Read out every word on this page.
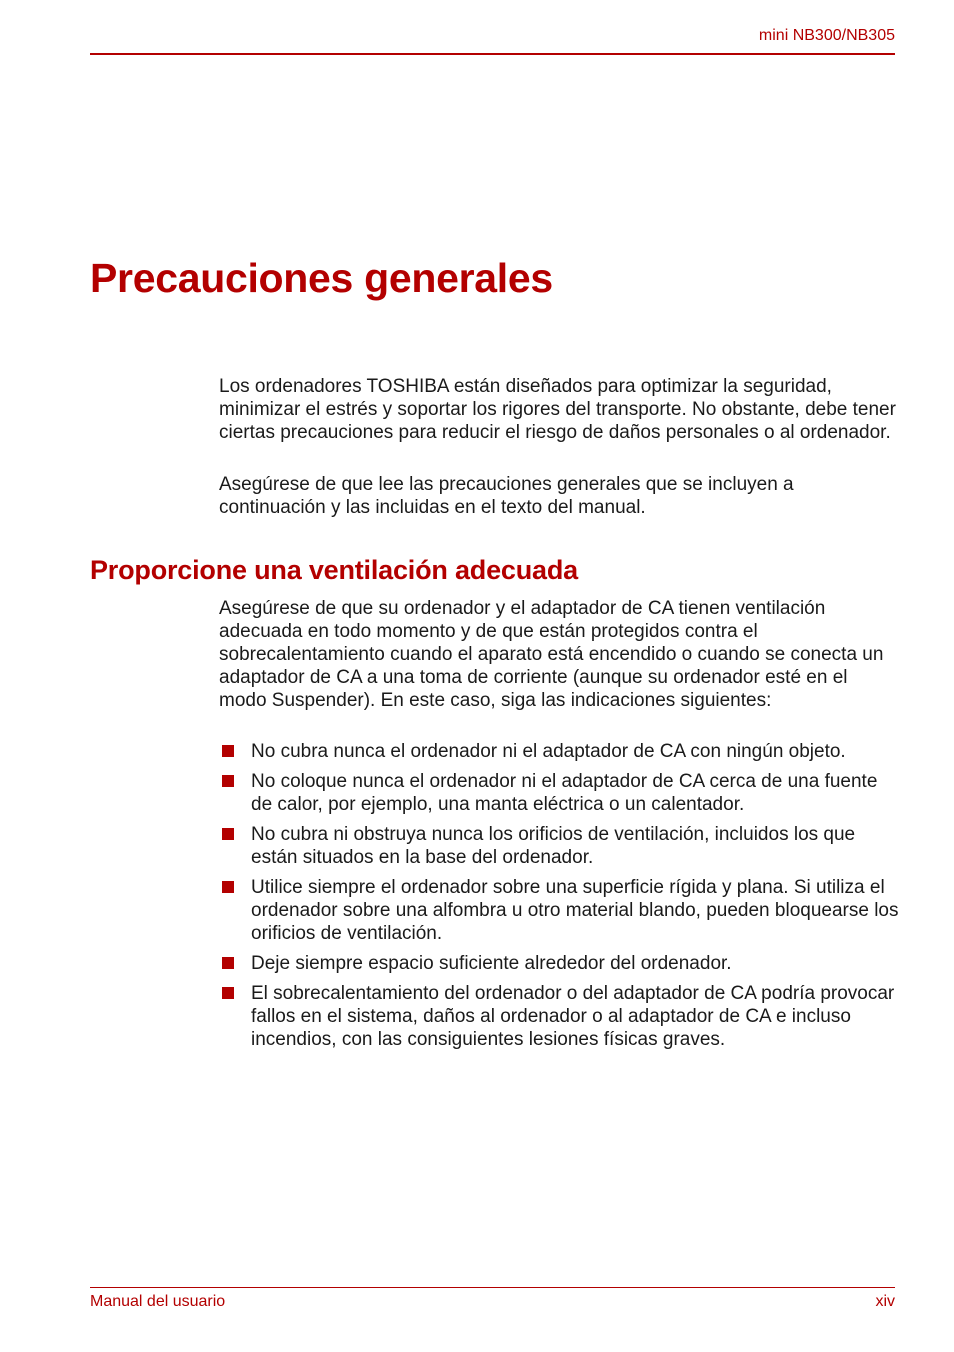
mini NB300/NB305
Precauciones generales

Los ordenadores TOSHIBA están diseñados para optimizar la seguridad, minimizar el estrés y soportar los rigores del transporte. No obstante, debe tener ciertas precauciones para reducir el riesgo de daños personales o al ordenador.

Asegúrese de que lee las precauciones generales que se incluyen a continuación y las incluidas en el texto del manual.

Proporcione una ventilación adecuada

Asegúrese de que su ordenador y el adaptador de CA tienen ventilación adecuada en todo momento y de que están protegidos contra el sobrecalentamiento cuando el aparato está encendido o cuando se conecta un adaptador de CA a una toma de corriente (aunque su ordenador esté en el modo Suspender). En este caso, siga las indicaciones siguientes:

No cubra nunca el ordenador ni el adaptador de CA con ningún objeto.
No coloque nunca el ordenador ni el adaptador de CA cerca de una fuente de calor, por ejemplo, una manta eléctrica o un calentador.
No cubra ni obstruya nunca los orificios de ventilación, incluidos los que están situados en la base del ordenador.
Utilice siempre el ordenador sobre una superficie rígida y plana. Si utiliza el ordenador sobre una alfombra u otro material blando, pueden bloquearse los orificios de ventilación.
Deje siempre espacio suficiente alrededor del ordenador.
El sobrecalentamiento del ordenador o del adaptador de CA podría provocar fallos en el sistema, daños al ordenador o al adaptador de CA e incluso incendios, con las consiguientes lesiones físicas graves.
Manual del usuario	xiv
